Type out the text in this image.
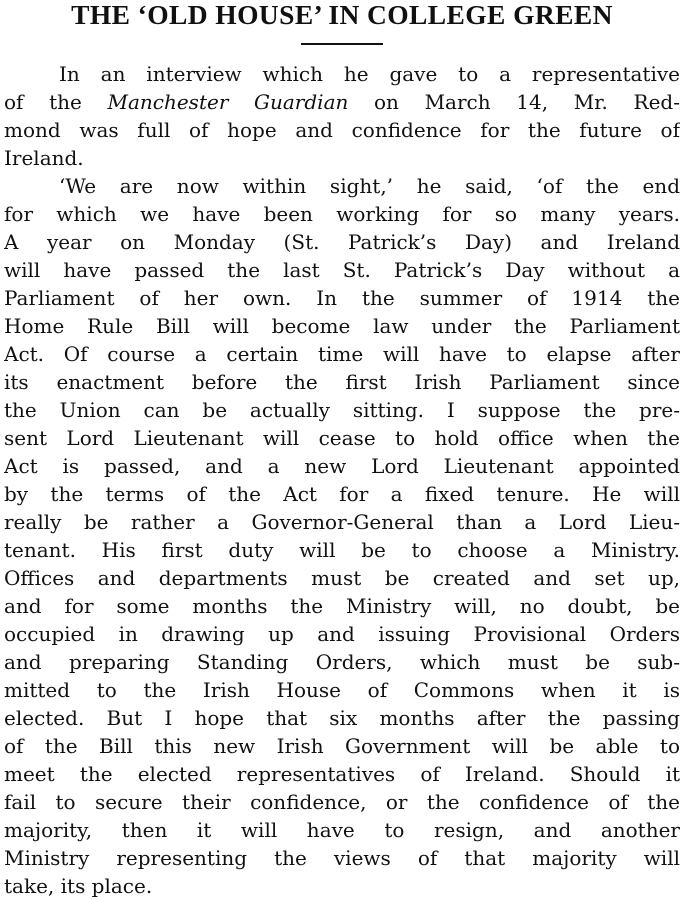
THE ‘OLD HOUSE’ IN COLLEGE GREEN
In an interview which he gave to a representative
of the Manchester Guardian on March 14, Mr. Red-
mond was full of hope and confidence for the future of
Ireland.
‘We are now within sight,’ he said, ‘of the end
for which we have been working for so many years.
A year on Monday (St. Patrick’s Day) and Ireland
will have passed the last St. Patrick’s Day without a
Parliament of her own. In the summer of 1914 the
Home Rule Bill will become law under the Parliament
Act. Of course a certain time will have to elapse after
its enactment before the first Irish Parliament since
the Union can be actually sitting. I suppose the pre-
sent Lord Lieutenant will cease to hold office when the
Act is passed, and a new Lord Lieutenant appointed
by the terms of the Act for a fixed tenure. He will
really be rather a Governor-General than a Lord Lieu-
tenant. His first duty will be to choose a Ministry.
Offices and departments must be created and set up,
and for some months the Ministry will, no doubt, be
occupied in drawing up and issuing Provisional Orders
and preparing Standing Orders, which must be sub-
mitted to the Irish House of Commons when it is
elected. But I hope that six months after the passing
of the Bill this new Irish Government will be able to
meet the elected representatives of Ireland. Should it
fail to secure their confidence, or the confidence of the
majority, then it will have to resign, and another
Ministry representing the views of that majority will
take, its place.
